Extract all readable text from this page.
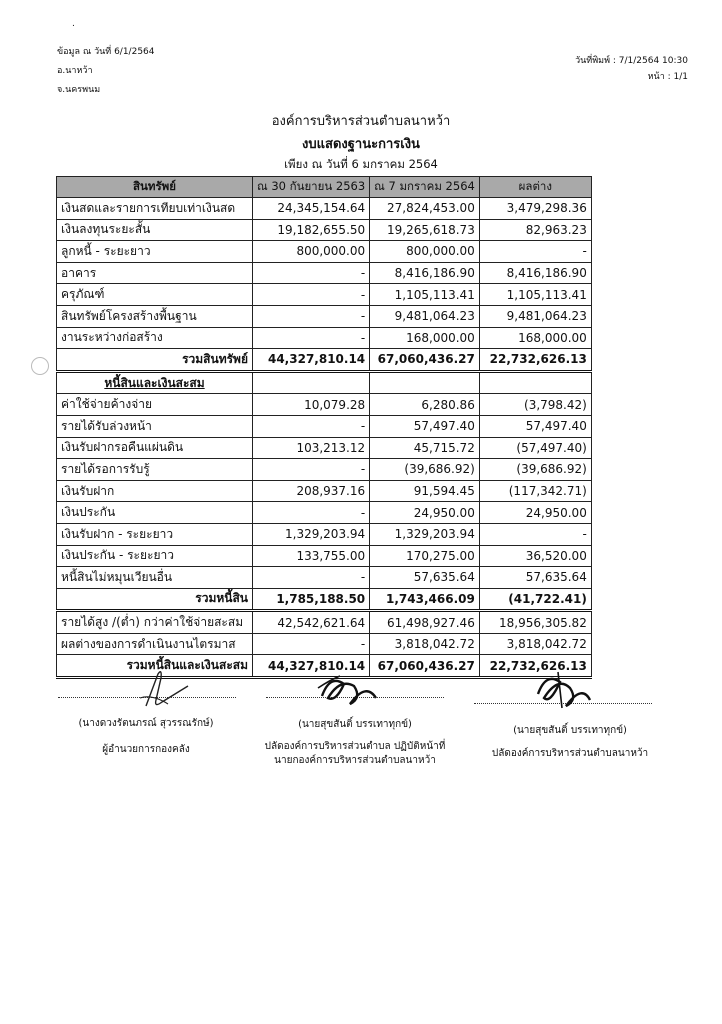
.
ข้อมูล ณ วันที่ 6/1/2564
อ.นาหว้า
จ.นครพนม
วันที่พิมพ์ : 7/1/2564 10:30
หน้า : 1/1
องค์การบริหารส่วนตำบลนาหว้า
งบแสดงฐานะการเงิน
เพียง ณ วันที่ 6 มกราคม 2564
สินทรัพย์	ณ 30 กันยายน 2563	ณ 7 มกราคม 2564	ผลต่าง
เงินสดและรายการเทียบเท่าเงินสด	24,345,154.64	27,824,453.00	3,479,298.36
เงินลงทุนระยะสั้น	19,182,655.50	19,265,618.73	82,963.23
ลูกหนี้ - ระยะยาว	800,000.00	800,000.00	-
อาคาร	-	8,416,186.90	8,416,186.90
ครุภัณฑ์	-	1,105,113.41	1,105,113.41
สินทรัพย์โครงสร้างพื้นฐาน	-	9,481,064.23	9,481,064.23
งานระหว่างก่อสร้าง	-	168,000.00	168,000.00
รวมสินทรัพย์	44,327,810.14	67,060,436.27	22,732,626.13
หนี้สินและเงินสะสม			
ค่าใช้จ่ายค้างจ่าย	10,079.28	6,280.86	(3,798.42)
รายได้รับล่วงหน้า	-	57,497.40	57,497.40
เงินรับฝากรอคืนแผ่นดิน	103,213.12	45,715.72	(57,497.40)
รายได้รอการรับรู้	-	(39,686.92)	(39,686.92)
เงินรับฝาก	208,937.16	91,594.45	(117,342.71)
เงินประกัน	-	24,950.00	24,950.00
เงินรับฝาก - ระยะยาว	1,329,203.94	1,329,203.94	-
เงินประกัน - ระยะยาว	133,755.00	170,275.00	36,520.00
หนี้สินไม่หมุนเวียนอื่น	-	57,635.64	57,635.64
รวมหนี้สิน	1,785,188.50	1,743,466.09	(41,722.41)
รายได้สูง /(ต่ำ) กว่าค่าใช้จ่ายสะสม	42,542,621.64	61,498,927.46	18,956,305.82
ผลต่างของการดำเนินงานไตรมาส	-	3,818,042.72	3,818,042.72
รวมหนี้สินและเงินสะสม	44,327,810.14	67,060,436.27	22,732,626.13
(นางดวงรัตนภรณ์ สุวรรณรักษ์)
ผู้อำนวยการกองคลัง
(นายสุขสันติ์ บรรเทาทุกข์)
ปลัดองค์การบริหารส่วนตำบล ปฏิบัติหน้าที่
นายกองค์การบริหารส่วนตำบลนาหว้า
(นายสุขสันติ์ บรรเทาทุกข์)
ปลัดองค์การบริหารส่วนตำบลนาหว้า
